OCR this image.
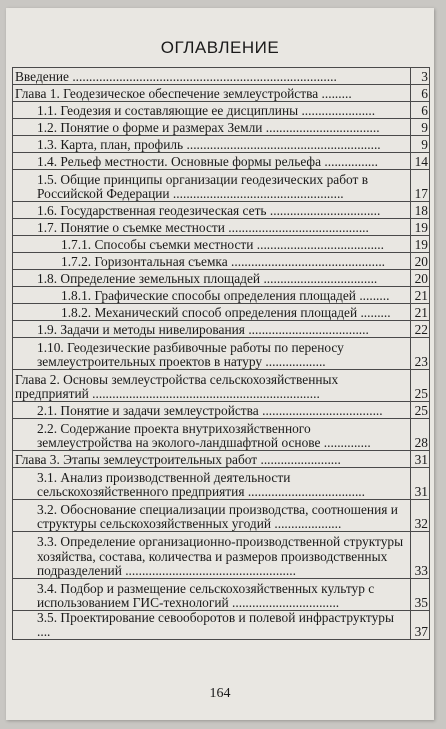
ОГЛАВЛЕНИЕ
Введение ...............................................................................	3

Глава 1. Геодезическое обеспечение землеустройства .........	6

1.1. Геодезия и составляющие ее дисциплины ......................	6

1.2. Понятие о форме и размерах Земли ..................................	9

1.3. Карта, план, профиль ..........................................................	9

1.4. Рельеф местности. Основные формы рельефа ................	14

1.5. Общие принципы организации геодезических работ в Российской Федерации ...................................................	17

1.6. Государственная геодезическая сеть .................................	18

1.7. Понятие о съемке местности ..........................................	19

1.7.1. Способы съемки местности ......................................	19

1.7.2. Горизонтальная съемка ..............................................	20

1.8. Определение земельных площадей ..................................	20

1.8.1. Графические способы определения площадей .........	21

1.8.2. Механический способ определения площадей .........	21

1.9. Задачи и методы нивелирования ....................................	22

1.10. Геодезические разбивочные работы по переносу землеустроительных проектов в натуру ..................	23

Глава 2. Основы землеустройства сельскохозяйственных предприятий ....................................................................	25

2.1. Понятие и задачи землеустройства ....................................	25

2.2. Содержание проекта внутрихозяйственного землеустройства на эколого-ландшафтной основе ..............	28

Глава 3. Этапы землеустроительных работ ........................	31

3.1. Анализ производственной деятельности сельскохозяйственного предприятия ...................................	31

3.2. Обоснование специализации производства, соотношения и структуры сельскохозяйственных угодий ....................	32

3.3. Определение организационно-производственной структуры хозяйства, состава, количества и размеров производственных подразделений ...................................................	33

3.4. Подбор и размещение сельскохозяйственных культур с использованием ГИС-технологий ................................	35

3.5. Проектирование севооборотов и полевой инфраструктуры ....	37
164
